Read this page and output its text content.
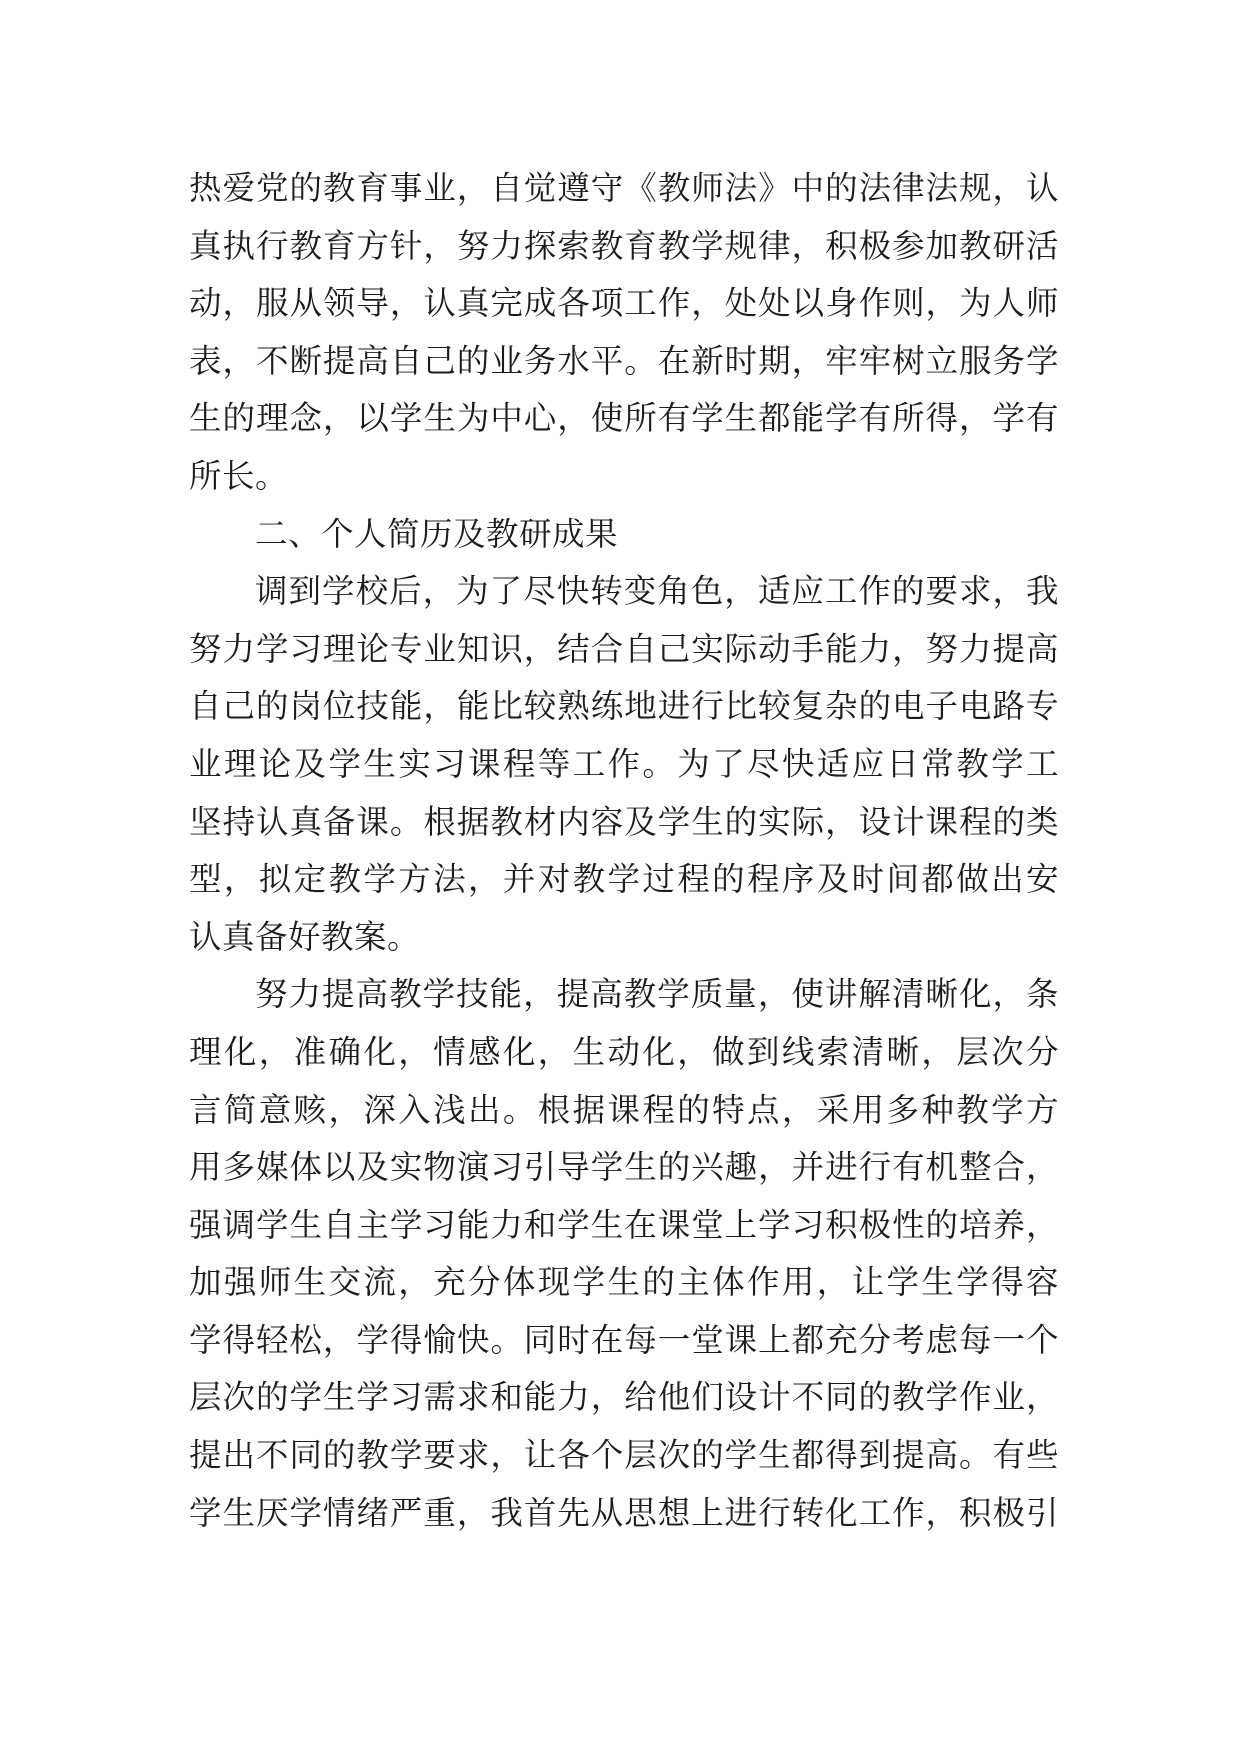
热爱党的教育事业，自觉遵守《教师法》中的法律法规，认
真执行教育方针，努力探索教育教学规律，积极参加教研活
动，服从领导，认真完成各项工作，处处以身作则，为人师
表，不断提高自己的业务水平。在新时期，牢牢树立服务学
生的理念，以学生为中心，使所有学生都能学有所得，学有
所长。
二、个人简历及教研成果
调到学校后，为了尽快转变角色，适应工作的要求，我
努力学习理论专业知识，结合自己实际动手能力，努力提高
自己的岗位技能，能比较熟练地进行比较复杂的电子电路专
业理论及学生实习课程等工作。为了尽快适应日常教学工
坚持认真备课。根据教材内容及学生的实际，设计课程的类
型，拟定教学方法，并对教学过程的程序及时间都做出安
认真备好教案。
努力提高教学技能，提高教学质量，使讲解清晰化，条
理化，准确化，情感化，生动化，做到线索清晰，层次分
言简意赅，深入浅出。根据课程的特点，采用多种教学方
用多媒体以及实物演习引导学生的兴趣，并进行有机整合，
强调学生自主学习能力和学生在课堂上学习积极性的培养，
加强师生交流，充分体现学生的主体作用，让学生学得容
学得轻松，学得愉快。同时在每一堂课上都充分考虑每一个
层次的学生学习需求和能力，给他们设计不同的教学作业，
提出不同的教学要求，让各个层次的学生都得到提高。有些
学生厌学情绪严重，我首先从思想上进行转化工作，积极引
